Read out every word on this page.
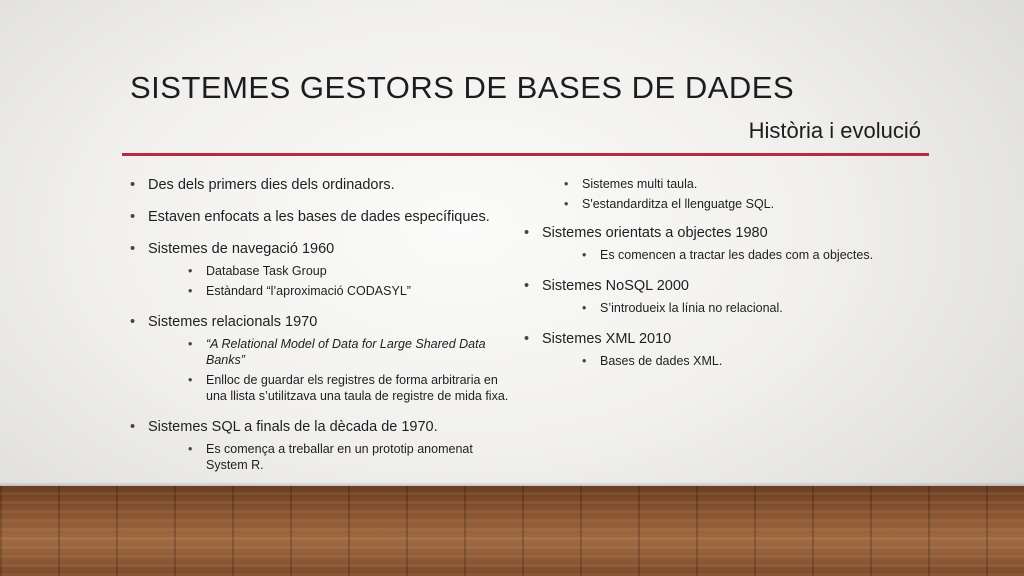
SISTEMES GESTORS DE BASES DE DADES
Història i evolució
• Des dels primers dies dels ordinadors.
• Estaven enfocats a les bases de dades específiques.
• Sistemes de navegació 1960
• Database Task Group
• Estàndard “l’aproximació CODASYL”
• Sistemes relacionals 1970
• “A Relational Model of Data for Large Shared Data Banks”
• Enlloc de guardar els registres de forma arbitraria en una llista s’utilitzava una taula de registre de mida fixa.
• Sistemes SQL a finals de la dècada de 1970.
• Es comença a treballar en un prototip anomenat System R.
• Sistemes multi taula.
• S'estandarditza el llenguatge SQL.
• Sistemes orientats a objectes 1980
• Es comencen a tractar les dades com a objectes.
• Sistemes NoSQL 2000
• S’introdueix la línia no relacional.
• Sistemes XML 2010
• Bases de dades XML.
